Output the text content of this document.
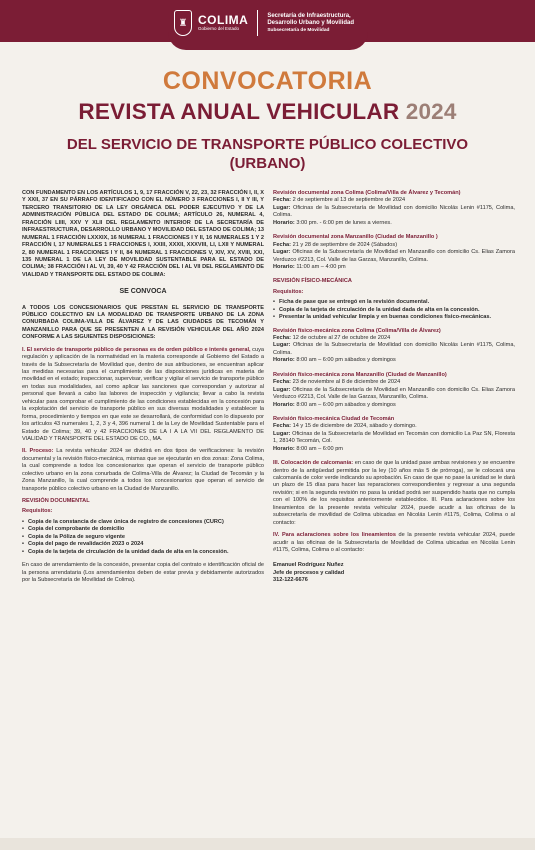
♜ COLIMA
Gobierno del Estado
Secretaría de Infraestructura,
Desarrollo Urbano y Movilidad
Subsecretaría de Movilidad
CONVOCATORIA
REVISTA ANUAL VEHICULAR 2024
DEL SERVICIO DE TRANSPORTE PÚBLICO COLECTIVO (URBANO)

CON FUNDAMENTO EN LOS ARTÍCULOS 1, 9, 17 FRACCIÓN V, 22, 23, 32 FRACCIÓN I, II, X Y XXII, 37 EN SU PÁRRAFO IDENTIFICADO CON EL NÚMERO 3 FRACCIONES I, II Y III, Y TERCERO TRANSITORIO DE LA LEY ORGÁNICA DEL PODER EJECUTIVO Y DE LA ADMINISTRACIÓN PÚBLICA DEL ESTADO DE COLIMA; ARTÍCULO 26, NUMERAL 4, FRACCIÓN LIIII, XXV Y XLII DEL REGLAMENTO INTERIOR DE LA SECRETARÍA DE INFRAESTRUCTURA, DESARROLLO URBANO Y MOVILIDAD DEL ESTADO DE COLIMA; 13 NUMERAL 1 FRACCIÓN LXXXIX, 16 NUMERAL 1 FRACCIONES I Y II, 16 NUMERALES 1 Y 2 FRACCIÓN I, 17 NUMERALES 1 FRACCIONES I, XXIII, XXXII, XXXVIII, LI, LXII Y NUMERAL 2, 80 NUMERAL 1 FRACCIONES I Y II, 84 NUMERAL 1 FRACCIONES V, XIV, XV, XVIII, XXI, 135 NUMERAL 1 DE LA LEY DE MOVILIDAD SUSTENTABLE PARA EL ESTADO DE COLIMA; 38 FRACCIÓN I AL VI, 39, 40 Y 42 FRACCIÓN DEL I AL VII DEL REGLAMENTO DE VIALIDAD Y TRANSPORTE DEL ESTADO DE COLIMA:

SE CONVOCA

A TODOS LOS CONCESIONARIOS QUE PRESTAN EL SERVICIO DE TRANSPORTE PÚBLICO COLECTIVO EN LA MODALIDAD DE TRANSPORTE URBANO DE LA ZONA CONURBADA COLIMA-VILLA DE ÁLVAREZ Y DE LAS CIUDADES DE TECOMÁN Y MANZANILLO PARA QUE SE PRESENTEN A LA REVISIÓN VEHICULAR DEL AÑO 2024 CONFORME A LAS SIGUIENTES DISPOSICIONES:

I. El servicio de transporte público de personas es de orden público e interés general, cuya regulación y aplicación de la normatividad en la materia corresponde al Gobierno del Estado a través de la Subsecretaría de Movilidad que, dentro de sus atribuciones, se encuentran aplicar las medidas necesarias para el cumplimiento de las disposiciones jurídicas en materia de movilidad en el estado; inspeccionar, supervisar, verificar y vigilar el servicio de transporte público en todas sus modalidades, así como aplicar las sanciones que correspondan y autorizar al personal que llevará a cabo las labores de inspección y vigilancia; llevar a cabo la revista vehicular para comprobar el cumplimiento de las condiciones establecidas en la concesión para la explotación del servicio de transporte público en sus diversas modalidades y establecer la forma, procedimiento y tiempos en que este se desarrollará, de conformidad con lo dispuesto por los artículos 43 numerales 1, 2, 3 y 4, 396 numeral 1 de la Ley de Movilidad Sustentable para el Estado de Colima; 39, 40 y 42 FRACCIONES DE LA I A LA VII DEL REGLAMENTO DE VIALIDAD Y TRANSPORTE DEL ESTADO DE CO., MA.

II. Proceso: La revista vehicular 2024 se dividirá en dos tipos de verificaciones: la revisión documental y la revisión físico-mecánica, mismas que se ejecutarán en dos zonas: Zona Colima, la cual comprende a todos los concesionarios que operan el servicio de transporte público colectivo urbano en la zona conurbada de Colima-Villa de Álvarez; la Ciudad de Tecomán y la Zona Manzanillo, la cual comprende a todos los concesionarios que operan el servicio de transporte público colectivo urbano en la Ciudad de Manzanillo.

REVISIÓN DOCUMENTAL
Requisitos:
• Copia de la constancia de clave única de registro de concesiones (CURC)
• Copia del comprobante de domicilio
• Copia de la Póliza de seguro vigente
• Copia del pago de revalidación 2023 o 2024
• Copia de la tarjeta de circulación de la unidad dada de alta en la concesión.

En caso de arrendamiento de la concesión, presentar copia del contrato e identificación oficial de la persona arrendataria (Los arrendamientos deben de estar previa y debidamente autorizados por la Subsecretaría de Movilidad de Colima).

Revisión documental zona Colima (Colima/Villa de Álvarez y Tecomán)
Fecha: 2 de septiembre al 13 de septiembre de 2024
Lugar: Oficinas de la Subsecretaría de Movilidad con domicilio Nicolás Lenin #1175, Colima, Colima.
Horario: 3:00 pm. - 6:00 pm de lunes a viernes.
Revisión documental zona Manzanillo (Ciudad de Manzanillo )
Fecha: 21 y 28 de septiembre de 2024 (Sábados)
Lugar: Oficinas de la Subsecretaría de Movilidad en Manzanillo con domicilio Cs. Elias Zamora Verduzco #2213, Col. Valle de las Garzas, Manzanillo, Colima.
Horario: 11:00 am – 4:00 pm
REVISIÓN FÍSICO-MECÁNICA
Requisitos:
• Ficha de pase que se entregó en la revisión documental.
• Copia de la tarjeta de circulación de la unidad dada de alta en la concesión.
• Presentar la unidad vehicular limpia y en buenas condiciones físico-mecánicas.
Revisión físico-mecánica zona Colima (Colima/Villa de Álvarez)
Fecha: 12 de octubre al 27 de octubre de 2024
Lugar: Oficinas de la Subsecretaría de Movilidad con domicilio Nicolás Lenin #1175, Colima, Colima.
Horario: 8:00 am – 6:00 pm sábados y domingos
Revisión físico-mecánica zona Manzanillo (Ciudad de Manzanillo)
Fecha: 23 de noviembre al 8 de diciembre de 2024
Lugar: Oficinas de la Subsecretaría de Movilidad en Manzanillo con domicilio Cs. Elias Zamora Verduzco #2213, Col. Valle de las Garzas, Manzanillo, Colima.
Horario: 8:00 am – 6:00 pm sábados y domingos
Revisión físico-mecánica Ciudad de Tecomán
Fecha: 14 y 15 de diciembre de 2024, sábado y domingo.
Lugar: Oficinas de la Subsecretaría de Movilidad en Tecomán con domicilio La Paz SN, Floresta 1, 28140 Tecomán, Col.
Horario: 8:00 am – 6:00 pm

III. Colocación de calcomanía: en caso de que la unidad pase ambas revisiones y se encuentre dentro de la antigüedad permitida por la ley (10 años más 5 de prórroga), se le colocará una calcomanía de color verde indicando su aprobación. En caso de que no pase la unidad se le dará un plazo de 15 días para hacer las reparaciones correspondientes y regresar a una segunda revisión; si en la segunda revisión no pasa la unidad podrá ser suspendido hasta que no cumpla con el 100% de los requisitos anteriormente establecidos. III. Para aclaraciones sobre los lineamientos de la presente revista vehicular 2024, puede acudir a las oficinas de la subsecretaría de movilidad de Colima ubicadas en Nicolás Lenin #1175, Colima, Colima o al contacto:

IV. Para aclaraciones sobre los lineamientos de la presente revista vehicular 2024, puede acudir a las oficinas de la Subsecretaría de Movilidad de Colima ubicadas en Nicolás Lenin #1175, Colima, Colima o al contacto:

Emanuel Rodríguez Nuñez
Jefe de procesos y calidad
312-122-6676
